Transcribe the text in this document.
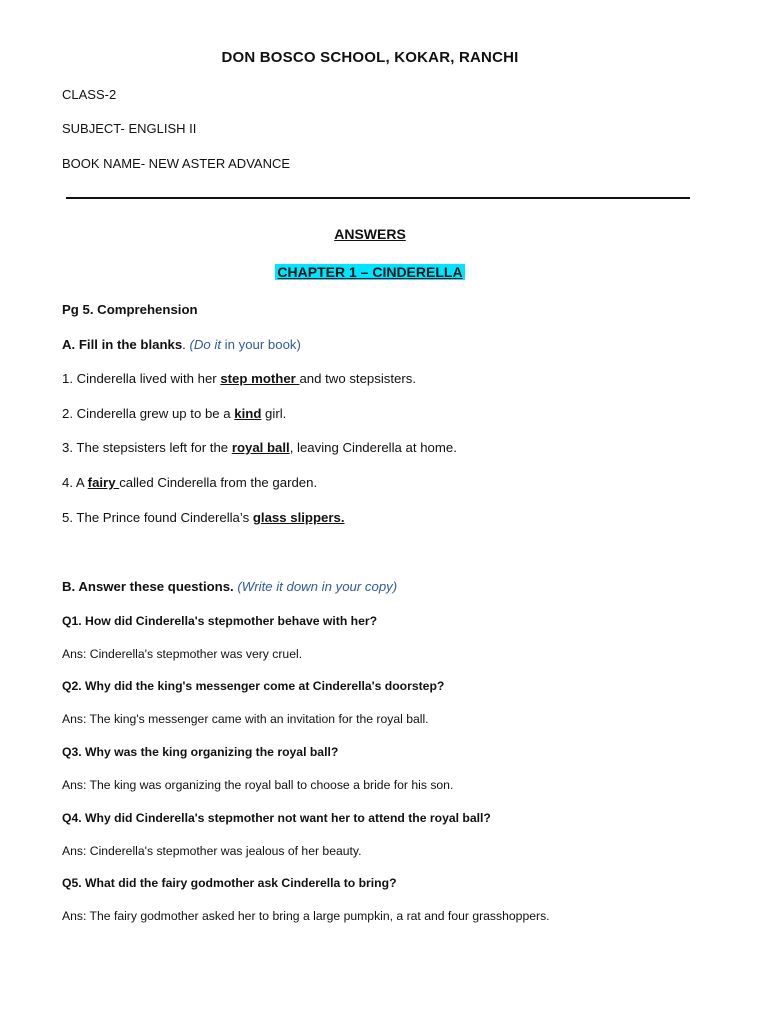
DON BOSCO SCHOOL, KOKAR, RANCHI
CLASS-2
SUBJECT- ENGLISH II
BOOK NAME- NEW ASTER ADVANCE
ANSWERS
CHAPTER 1 – CINDERELLA
Pg 5. Comprehension
A. Fill in the blanks. (Do it in your book)
1. Cinderella lived with her step mother and two stepsisters.
2. Cinderella grew up to be a kind girl.
3. The stepsisters left for the royal ball, leaving Cinderella at home.
4. A fairy called Cinderella from the garden.
5. The Prince found Cinderella’s glass slippers.
B. Answer these questions. (Write it down in your copy)
Q1. How did Cinderella's stepmother behave with her?
Ans: Cinderella's stepmother was very cruel.
Q2. Why did the king's messenger come at Cinderella's doorstep?
Ans: The king's messenger came with an invitation for the royal ball.
Q3. Why was the king organizing the royal ball?
Ans: The king was organizing the royal ball to choose a bride for his son.
Q4. Why did Cinderella's stepmother not want her to attend the royal ball?
Ans: Cinderella's stepmother was jealous of her beauty.
Q5. What did the fairy godmother ask Cinderella to bring?
Ans: The fairy godmother asked her to bring a large pumpkin, a rat and four grasshoppers.
